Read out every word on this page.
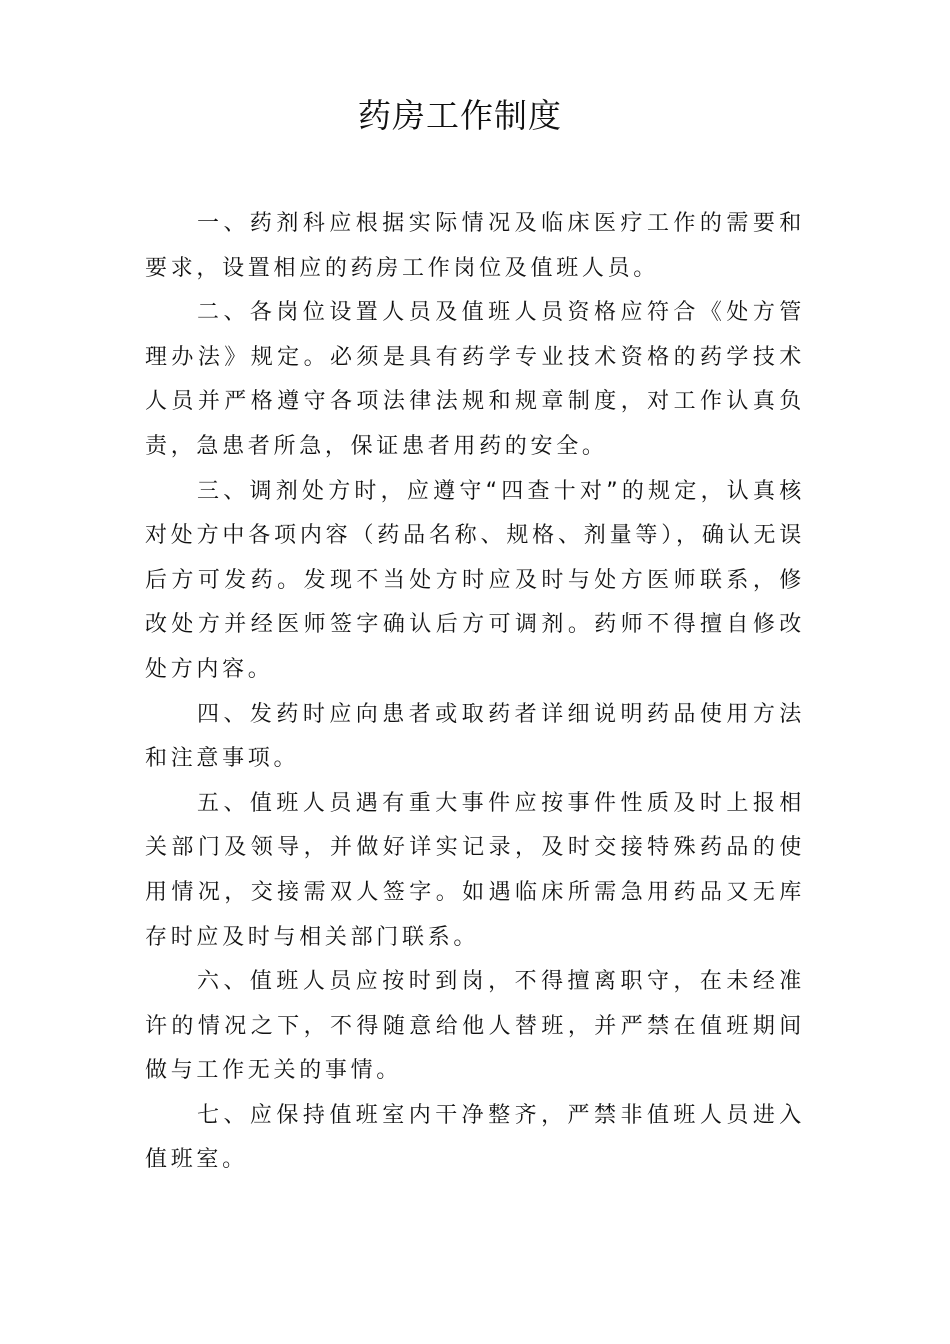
药房工作制度

一、药剂科应根据实际情况及临床医疗工作的需要和要求，设置相应的药房工作岗位及值班人员。

二、各岗位设置人员及值班人员资格应符合《处方管理办法》规定。必须是具有药学专业技术资格的药学技术人员并严格遵守各项法律法规和规章制度，对工作认真负责，急患者所急，保证患者用药的安全。

三、调剂处方时，应遵守“四查十对”的规定，认真核对处方中各项内容（药品名称、规格、剂量等），确认无误后方可发药。发现不当处方时应及时与处方医师联系，修改处方并经医师签字确认后方可调剂。药师不得擅自修改处方内容。

四、发药时应向患者或取药者详细说明药品使用方法和注意事项。

五、值班人员遇有重大事件应按事件性质及时上报相关部门及领导，并做好详实记录，及时交接特殊药品的使用情况，交接需双人签字。如遇临床所需急用药品又无库存时应及时与相关部门联系。

六、值班人员应按时到岗，不得擅离职守，在未经准许的情况之下，不得随意给他人替班，并严禁在值班期间做与工作无关的事情。

七、应保持值班室内干净整齐，严禁非值班人员进入值班室。
